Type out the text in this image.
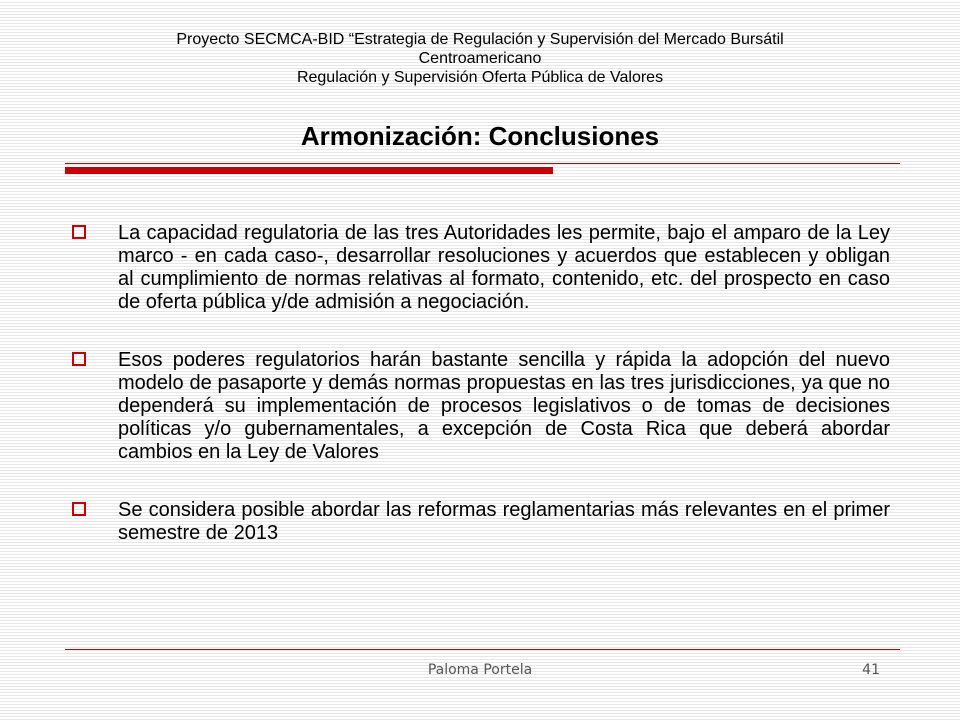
Proyecto SECMCA-BID “Estrategia de Regulación y Supervisión del Mercado Bursátil
Centroamericano
Regulación y Supervisión Oferta Pública de Valores
Armonización: Conclusiones
La capacidad regulatoria de las tres Autoridades les permite, bajo el amparo de la Ley marco - en cada caso-, desarrollar resoluciones y acuerdos que establecen y obligan al cumplimiento de normas relativas al formato, contenido, etc. del prospecto en caso de oferta pública y/de admisión a negociación.
Esos poderes regulatorios harán bastante sencilla y rápida la adopción del nuevo modelo de pasaporte y demás normas propuestas en las tres jurisdicciones, ya que no dependerá su implementación de procesos legislativos o de tomas de decisiones políticas y/o gubernamentales, a excepción de Costa Rica que deberá abordar cambios en la Ley de Valores
Se considera posible abordar las reformas reglamentarias más relevantes en el primer semestre de 2013
Paloma Portela	41
